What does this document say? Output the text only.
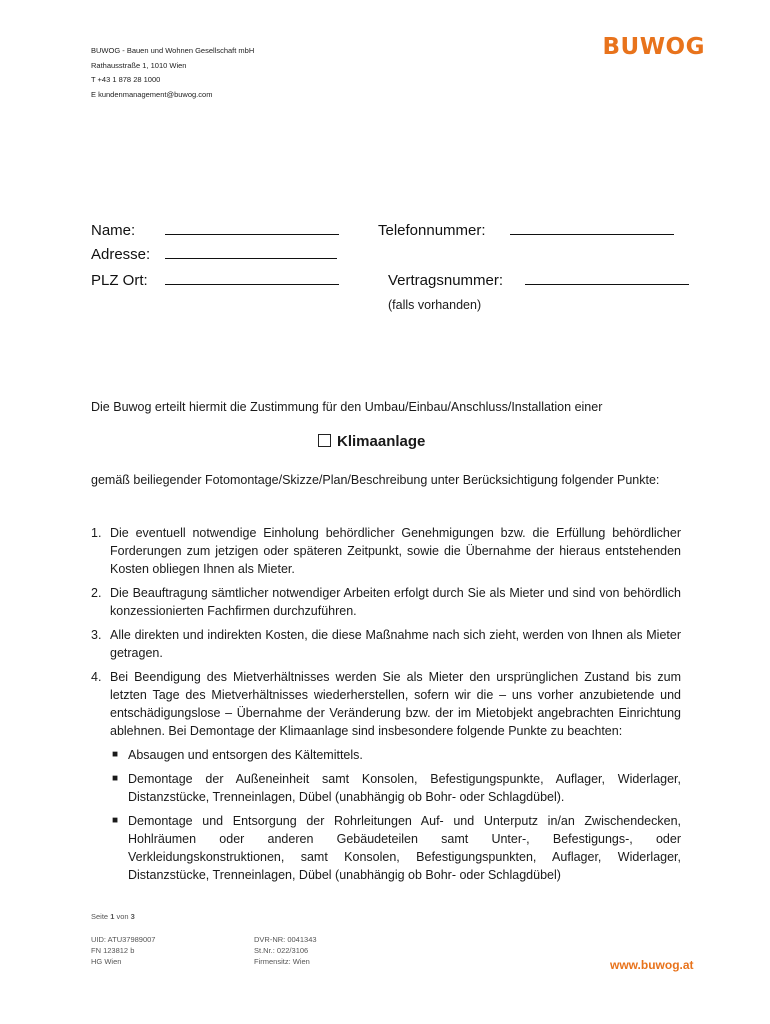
BUWOG - Bauen und Wohnen Gesellschaft mbH
Rathausstraße 1, 1010 Wien
T +43 1 878 28 1000
E kundenmanagement@buwog.com
BUWOG
Name:	Telefonnummer:
Adresse:
PLZ Ort:	Vertragsnummer:
(falls vorhanden)
Die Buwog erteilt hiermit die Zustimmung für den Umbau/Einbau/Anschluss/Installation einer
Klimaanlage
gemäß beiliegender Fotomontage/Skizze/Plan/Beschreibung unter Berücksichtigung folgender Punkte:
1. Die eventuell notwendige Einholung behördlicher Genehmigungen bzw. die Erfüllung behördlicher Forderungen zum jetzigen oder späteren Zeitpunkt, sowie die Übernahme der hieraus entstehenden Kosten obliegen Ihnen als Mieter.
2. Die Beauftragung sämtlicher notwendiger Arbeiten erfolgt durch Sie als Mieter und sind von behördlich konzessionierten Fachfirmen durchzuführen.
3. Alle direkten und indirekten Kosten, die diese Maßnahme nach sich zieht, werden von Ihnen als Mieter getragen.
4. Bei Beendigung des Mietverhältnisses werden Sie als Mieter den ursprünglichen Zustand bis zum letzten Tage des Mietverhältnisses wiederherstellen, sofern wir die – uns vorher anzubietende und entschädigungslose – Übernahme der Veränderung bzw. der im Mietobjekt angebrachten Einrichtung ablehnen. Bei Demontage der Klimaanlage sind insbesondere folgende Punkte zu beachten:
■ Absaugen und entsorgen des Kältemittels.
■ Demontage der Außeneinheit samt Konsolen, Befestigungspunkte, Auflager, Widerlager, Distanzstücke, Trenneinlagen, Dübel (unabhängig ob Bohr- oder Schlagdübel).
■ Demontage und Entsorgung der Rohrleitungen Auf- und Unterputz in/an Zwischendecken, Hohlräumen oder anderen Gebäudeteilen samt Unter-, Befestigungs-, oder Verkleidungskonstruktionen, samt Konsolen, Befestigungspunkten, Auflager, Widerlager, Distanzstücke, Trenneinlagen, Dübel (unabhängig ob Bohr- oder Schlagdübel)
Seite 1 von 3
UID: ATU37989007
FN 123812 b
HG Wien
DVR-NR: 0041343
St.Nr.: 022/3106
Firmensitz: Wien	www.buwog.at
